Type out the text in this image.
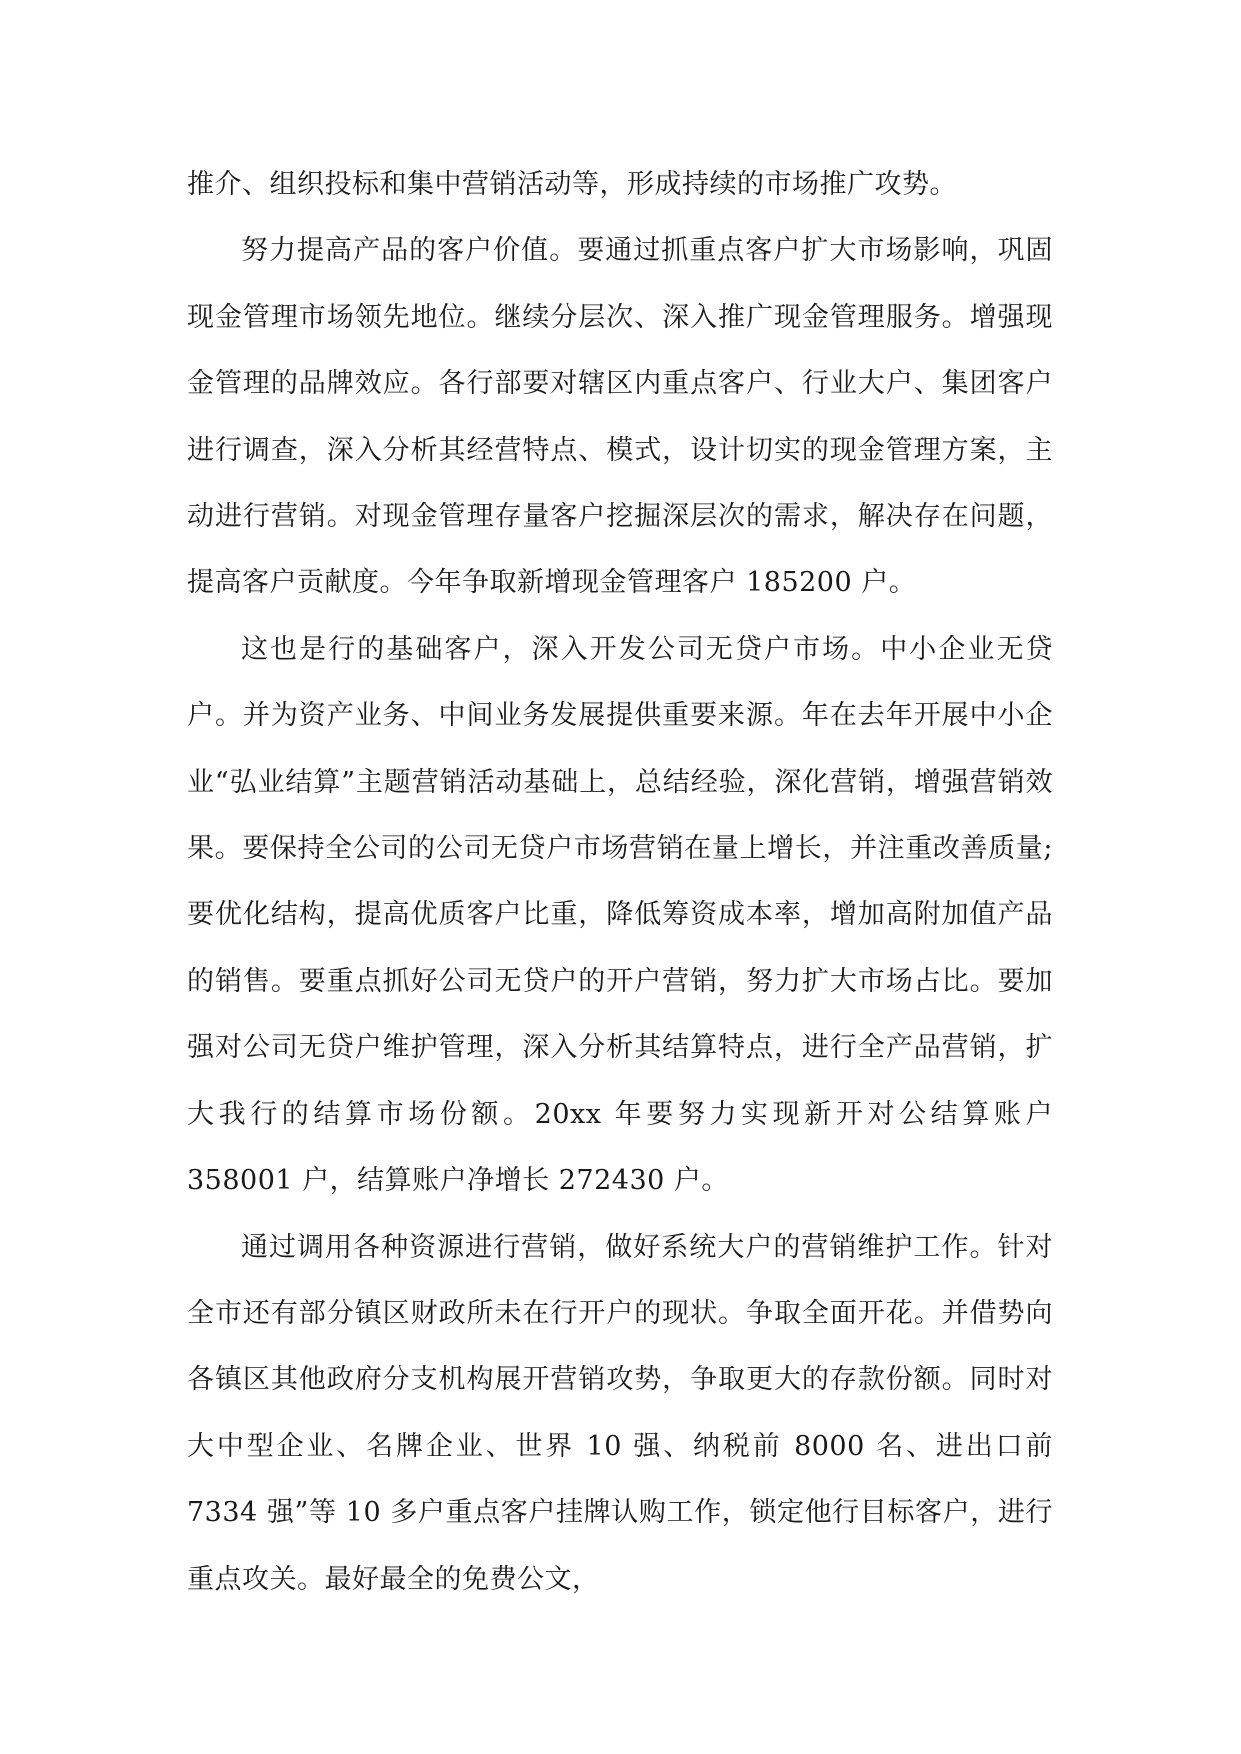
推介、组织投标和集中营销活动等，形成持续的市场推广攻势。

努力提高产品的客户价值。要通过抓重点客户扩大市场影响，巩固现金管理市场领先地位。继续分层次、深入推广现金管理服务。增强现金管理的品牌效应。各行部要对辖区内重点客户、行业大户、集团客户进行调查，深入分析其经营特点、模式，设计切实的现金管理方案，主动进行营销。对现金管理存量客户挖掘深层次的需求，解决存在问题，提高客户贡献度。今年争取新增现金管理客户 185200 户。

这也是行的基础客户，深入开发公司无贷户市场。中小企业无贷户。并为资产业务、中间业务发展提供重要来源。年在去年开展中小企业“弘业结算”主题营销活动基础上，总结经验，深化营销，增强营销效果。要保持全公司的公司无贷户市场营销在量上增长，并注重改善质量;要优化结构，提高优质客户比重，降低筹资成本率，增加高附加值产品的销售。要重点抓好公司无贷户的开户营销，努力扩大市场占比。要加强对公司无贷户维护管理，深入分析其结算特点，进行全产品营销，扩大我行的结算市场份额。20xx 年要努力实现新开对公结算账户 358001 户，结算账户净增长 272430 户。

通过调用各种资源进行营销，做好系统大户的营销维护工作。针对全市还有部分镇区财政所未在行开户的现状。争取全面开花。并借势向各镇区其他政府分支机构展开营销攻势，争取更大的存款份额。同时对大中型企业、名牌企业、世界 10 强、纳税前 8000 名、进出口前 7334 强”等 10 多户重点客户挂牌认购工作，锁定他行目标客户，进行重点攻关。最好最全的免费公文，
